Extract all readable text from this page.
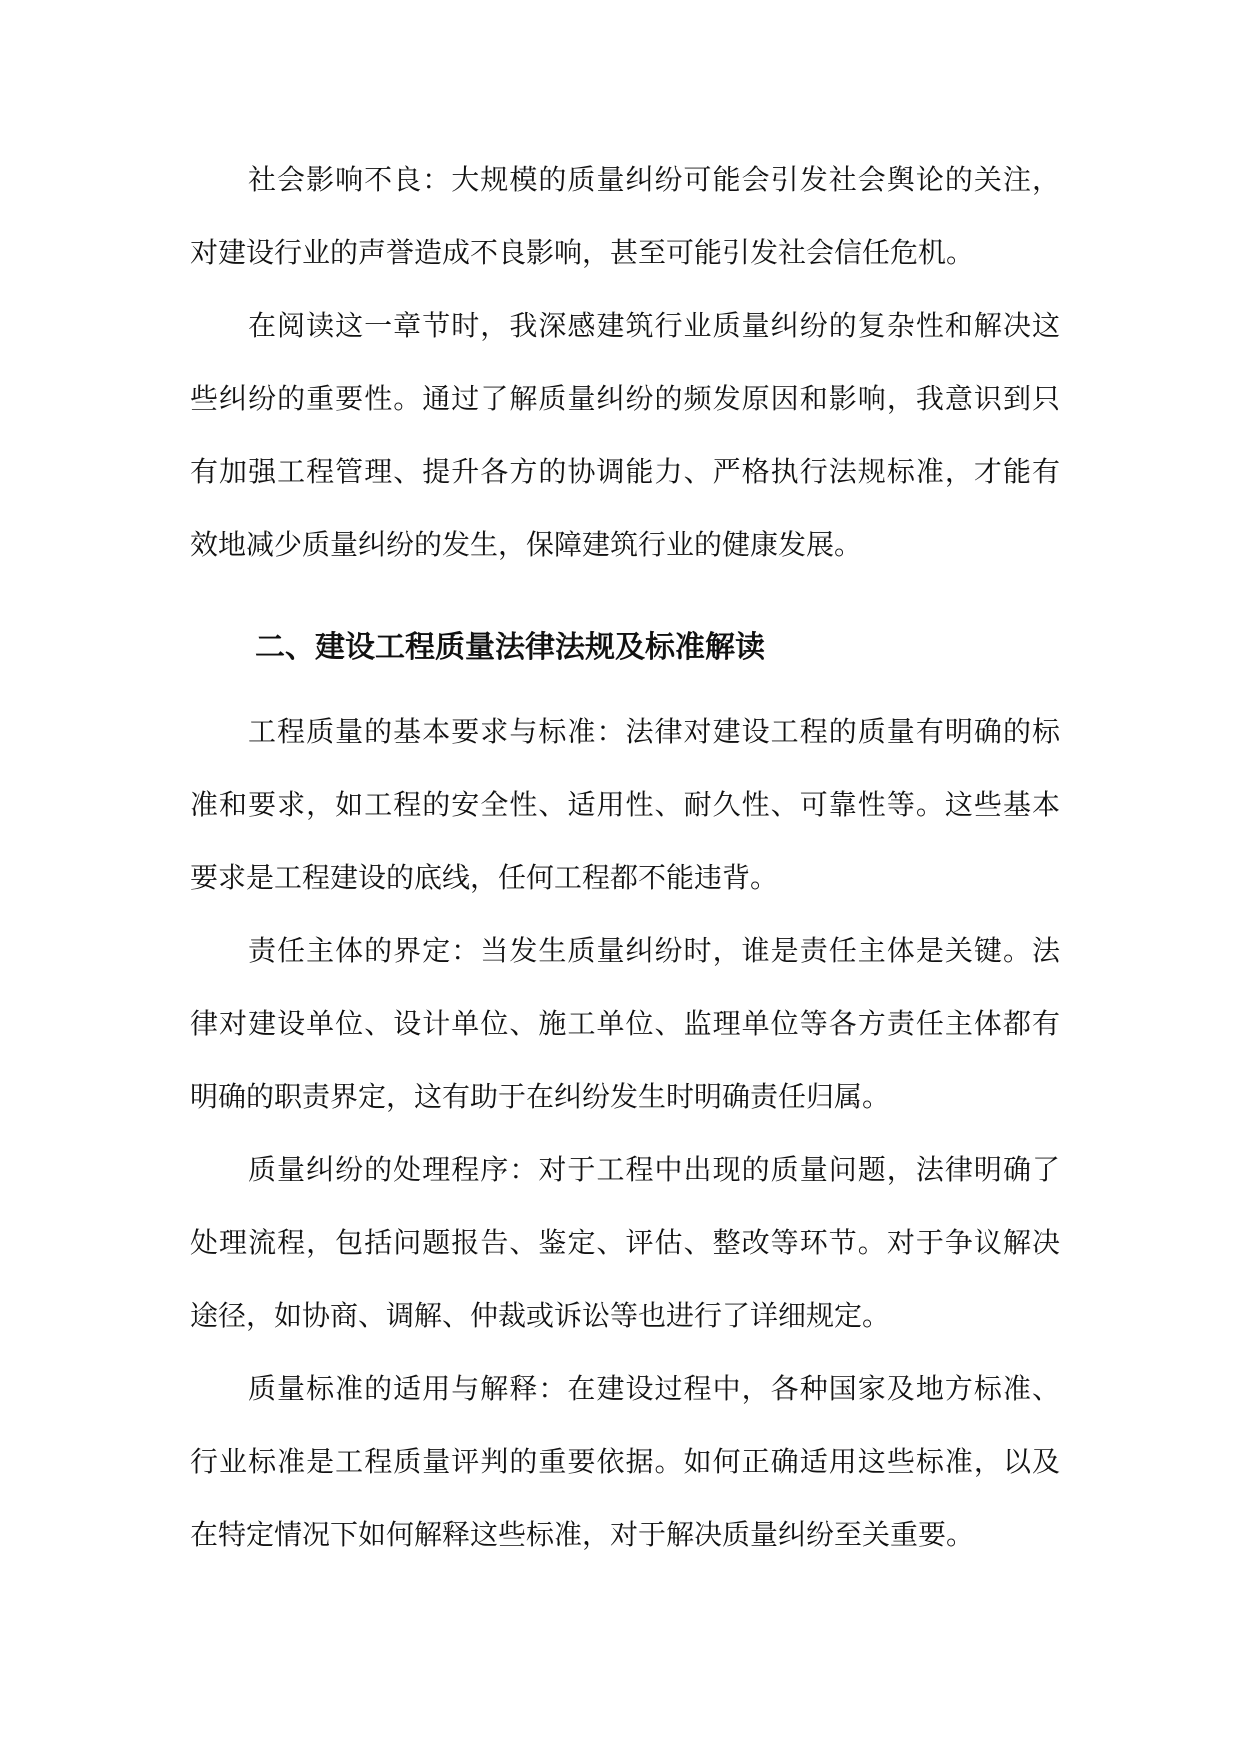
社会影响不良：大规模的质量纠纷可能会引发社会舆论的关注，
对建设行业的声誉造成不良影响，甚至可能引发社会信任危机。
在阅读这一章节时，我深感建筑行业质量纠纷的复杂性和解决这
些纠纷的重要性。通过了解质量纠纷的频发原因和影响，我意识到只
有加强工程管理、提升各方的协调能力、严格执行法规标准，才能有
效地减少质量纠纷的发生，保障建筑行业的健康发展。
二、建设工程质量法律法规及标准解读
工程质量的基本要求与标准：法律对建设工程的质量有明确的标
准和要求，如工程的安全性、适用性、耐久性、可靠性等。这些基本
要求是工程建设的底线，任何工程都不能违背。
责任主体的界定：当发生质量纠纷时，谁是责任主体是关键。法
律对建设单位、设计单位、施工单位、监理单位等各方责任主体都有
明确的职责界定，这有助于在纠纷发生时明确责任归属。
质量纠纷的处理程序：对于工程中出现的质量问题，法律明确了
处理流程，包括问题报告、鉴定、评估、整改等环节。对于争议解决
途径，如协商、调解、仲裁或诉讼等也进行了详细规定。
质量标准的适用与解释：在建设过程中，各种国家及地方标准、
行业标准是工程质量评判的重要依据。如何正确适用这些标准，以及
在特定情况下如何解释这些标准，对于解决质量纠纷至关重要。
